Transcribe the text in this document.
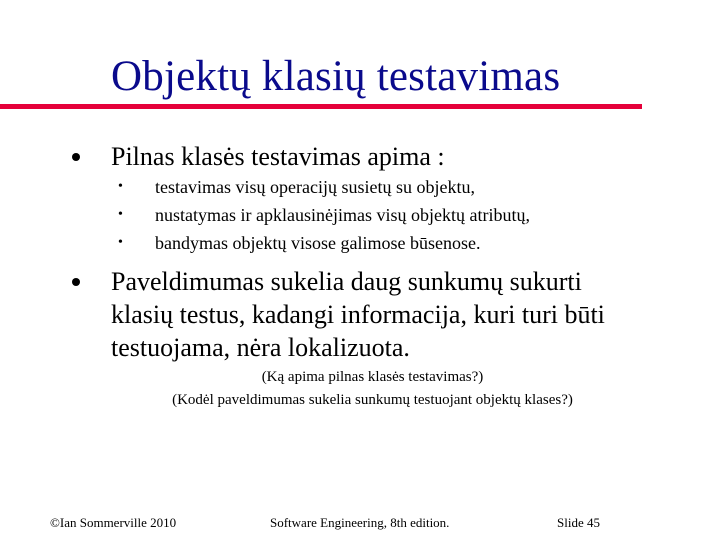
Objektų klasių testavimas
Pilnas klasės testavimas apima :
• testavimas visų operacijų susietų su objektu,
• nustatymas ir apklausinėjimas visų objektų atributų,
• bandymas objektų visose galimose būsenose.
Paveldimumas sukelia daug sunkumų sukurti
klasių testus, kadangi informacija, kuri turi būti
testuojama, nėra lokalizuota.
(Ką apima pilnas klasės testavimas?)
(Kodėl paveldimumas sukelia sunkumų testuojant objektų klases?)
©Ian Sommerville 2010	Software Engineering, 8th edition.	Slide 45
